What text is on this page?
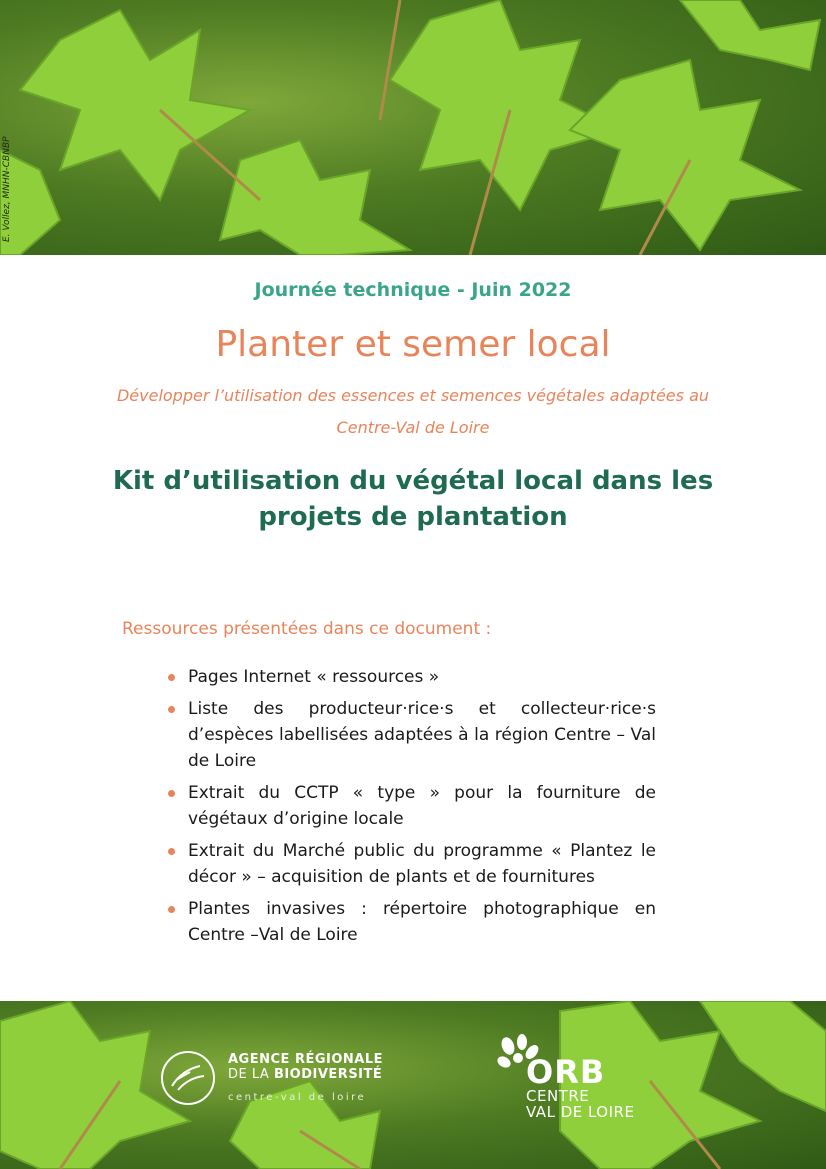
E. Vollez, MNHN-CBNBP
Journée technique - Juin 2022
Planter et semer local
Développer l’utilisation des essences et semences végétales adaptées au Centre-Val de Loire
Kit d’utilisation du végétal local dans les projets de plantation
Ressources présentées dans ce document :
Pages Internet « ressources »
Liste des producteur·rice·s et collecteur·rice·s d’espèces labellisées adaptées à la région Centre – Val de Loire
Extrait du CCTP « type » pour la fourniture de végétaux d’origine locale
Extrait du Marché public du programme « Plantez le décor » – acquisition de plants et de fournitures
Plantes invasives : répertoire photographique en Centre –Val de Loire
AGENCE RÉGIONALE
DE LA BIODIVERSITÉ
centre-val de loire
ORB
CENTRE
VAL DE LOIRE
